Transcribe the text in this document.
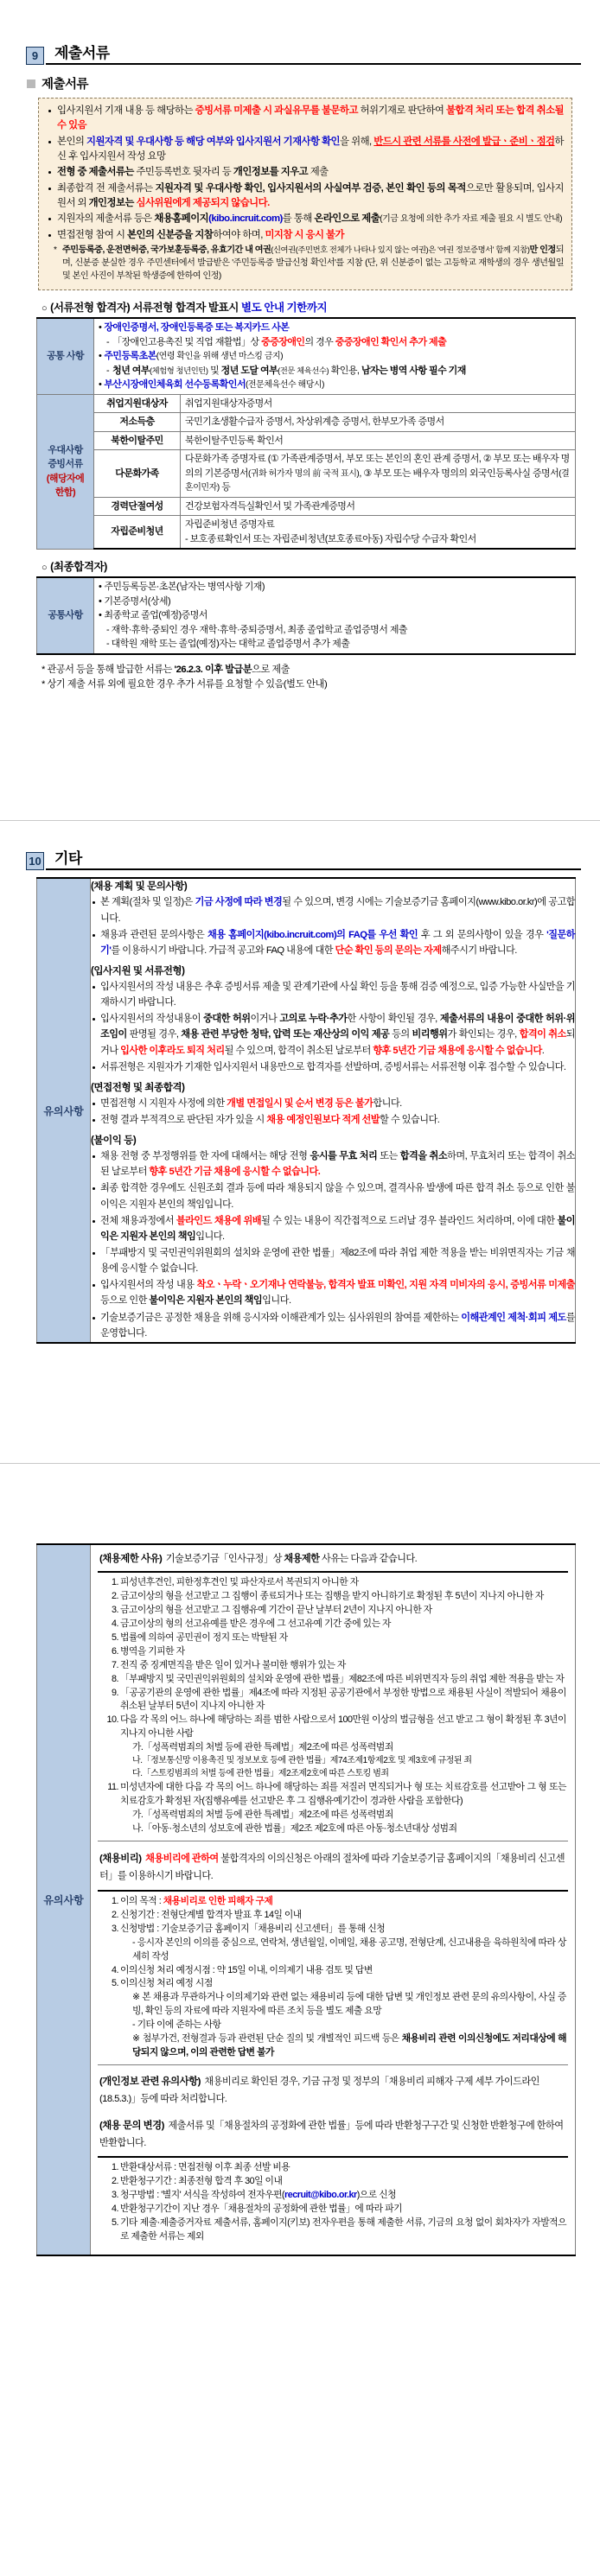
9	제출서류
제출서류
입사지원서 기재 내용 등 해당하는 증빙서류 미제출 시 과실유무를 불문하고 허위기재로 판단하여 불합격 처리 또는 합격 취소될 수 있음
본인의 지원자격 및 우대사항 등 해당 여부와 입사지원서 기재사항 확인을 위해, 반드시 관련 서류를 사전에 발급ㆍ준비ㆍ점검하신 후 입사지원서 작성 요망
전형 중 제출서류는 주민등록번호 뒷자리 등 개인정보를 지우고 제출
최종합격 전 제출서류는 지원자격 및 우대사항 확인, 입사지원서의 사실여부 검증, 본인 확인 등의 목적으로만 활용되며, 입사지원서 외 개인정보는 심사위원에게 제공되지 않습니다.
지원자의 제출서류 등은 채용홈페이지(kibo.incruit.com)를 통해 온라인으로 제출(기금 요청에 의한 추가 자료 제출 필요 시 별도 안내)
면접전형 참여 시 본인의 신분증을 지참하여야 하며, 미지참 시 응시 불가
* 주민등록증, 운전면허증, 국가보훈등록증, 유효기간 내 여권(신여권(주민번호 전체가 나타나 있지 않는 여권)은 '여권 정보증명서' 함께 지참)만 인정되며, 신분증 분실한 경우 주민센터에서 발급받은 '주민등록증 발급신청 확인서'를 지참 (단, 위 신분증이 없는 고등학교 재학생의 경우 생년월일 및 본인 사진이 부착된 학생증에 한하여 인정)
○ (서류전형 합격자) 서류전형 합격자 발표시 별도 안내 기한까지
공통 사항	• 장애인증명서, 장애인등록증 또는 복지카드 사본
- 「장애인고용촉진 및 직업 재활법」상 중증장애인의 경우 중증장애인 확인서 추가 제출
• 주민등록초본(연령 확인을 위해 생년 마스킹 금지)
- 청년 여부(체험형 청년인턴) 및 정년 도달 여부(전문 체육선수) 확인용, 남자는 병역 사항 필수 기재
• 부산시장애인체육회 선수등록확인서(전문체육선수 해당시)

우대사항
증빙서류
(해당자에
한함)	취업지원대상자	취업지원대상자증명서
	저소득층	국민기초생활수급자 증명서, 차상위계층 증명서, 한부모가족 증명서
	북한이탈주민	북한이탈주민등록 확인서
	다문화가족	다문화가족 증명자료 (① 가족관계증명서, 부모 또는 본인의 혼인 관계 증명서, ② 부모 또는 배우자 명의의 기본증명서(귀화 허가자 명의 前 국적 표시), ③ 부모 또는 배우자 명의의 외국인등록사실 증명서(결혼이민자) 등
	경력단절여성	건강보험자격득실확인서 및 가족관계증명서
	자립준비청년	자립준비청년 증명자료
- 보호종료확인서 또는 자립준비청년(보호종료아동) 자립수당 수급자 확인서
○ (최종합격자)
공통사항	
• 주민등록등본·초본(남자는 병역사항 기재)
• 기본증명서(상세)
• 최종학교 졸업(예정)증명서
- 재학·휴학·중퇴인 경우 재학·휴학·중퇴증명서, 최종 졸업학교 졸업증명서 제출
- 대학원 재학 또는 졸업(예정)자는 대학교 졸업증명서 추가 제출
* 관공서 등을 통해 발급한 서류는 '26.2.3. 이후 발급분으로 제출
* 상기 제출 서류 외에 필요한 경우 추가 서류를 요청할 수 있음(별도 안내)
10 기타
유의사항	
(채용 계획 및 문의사항)
본 계획(절차 및 일정)은 기금 사정에 따라 변경될 수 있으며, 변경 시에는 기술보증기금 홈페이지(www.kibo.or.kr)에 공고합니다.
채용과 관련된 문의사항은 채용 홈페이지(kibo.incruit.com)의 FAQ를 우선 확인 후 그 외 문의사항이 있을 경우 '질문하기'를 이용하시기 바랍니다. 가급적 공고와 FAQ 내용에 대한 단순 확인 등의 문의는 자제해주시기 바랍니다.
(입사지원 및 서류전형)
입사지원서의 작성 내용은 추후 증빙서류 제출 및 관계기관에 사실 확인 등을 통해 검증 예정으로, 입증 가능한 사실만을 기재하시기 바랍니다.
입사지원서의 작성내용이 중대한 허위이거나 고의로 누락·추가한 사항이 확인될 경우, 제출서류의 내용이 중대한 허위·위조임이 판명될 경우, 채용 관련 부당한 청탁, 압력 또는 재산상의 이익 제공 등의 비리행위가 확인되는 경우, 합격이 취소되거나 입사한 이후라도 퇴직 처리될 수 있으며, 합격이 취소된 날로부터 향후 5년간 기금 채용에 응시할 수 없습니다.
서류전형은 지원자가 기재한 입사지원서 내용만으로 합격자를 선발하며, 증빙서류는 서류전형 이후 접수할 수 있습니다.
(면접전형 및 최종합격)
면접전형 시 지원자 사정에 의한 개별 면접일시 및 순서 변경 등은 불가합니다.
전형 결과 부적격으로 판단된 자가 있을 시 채용 예정인원보다 적게 선발할 수 있습니다.
(불이익 등)
채용 전형 중 부정행위를 한 자에 대해서는 해당 전형 응시를 무효 처리 또는 합격을 취소하며, 무효처리 또는 합격이 취소된 날로부터 향후 5년간 기금 채용에 응시할 수 없습니다.
최종 합격한 경우에도 신원조회 결과 등에 따라 채용되지 않을 수 있으며, 결격사유 발생에 따른 합격 취소 등으로 인한 불이익은 지원자 본인의 책임입니다.
전체 채용과정에서 블라인드 채용에 위배될 수 있는 내용이 직간접적으로 드러날 경우 블라인드 처리하며, 이에 대한 불이익은 지원자 본인의 책임입니다.
「부패방지 및 국민권익위원회의 설치와 운영에 관한 법률」제82조에 따라 취업 제한 적용을 받는 비위면직자는 기금 채용에 응시할 수 없습니다.
입사지원서의 작성 내용 착오ㆍ누락ㆍ오기재나 연락불능, 합격자 발표 미확인, 지원 자격 미비자의 응시, 증빙서류 미제출 등으로 인한 불이익은 지원자 본인의 책임입니다.
기술보증기금은 공정한 채용을 위해 응시자와 이해관계가 있는 심사위원의 참여를 제한하는 이해관계인 제척·회피 제도를 운영합니다.
유의사항	
(채용제한 사유) 기술보증기금「인사규정」상 채용제한 사유는 다음과 같습니다.
1. 피성년후견인, 피한정후견인 및 파산자로서 복권되지 아니한 자
2. 금고이상의 형을 선고받고 그 집행이 종료되거나 또는 집행을 받지 아니하기로 확정된 후 5년이 지나지 아니한 자
3. 금고이상의 형을 선고받고 그 집행유예 기간이 끝난 날부터 2년이 지나지 아니한 자
4. 금고이상의 형의 선고유예를 받은 경우에 그 선고유예 기간 중에 있는 자
5. 법률에 의하여 공민권이 정지 또는 박탈된 자
6. 병역을 기피한 자
7. 전직 중 징계면직을 받은 일이 있거나 불미한 행위가 있는 자
8. 「부패방지 및 국민권익위원회의 설치와 운영에 관한 법률」제82조에 따른 비위면직자 등의 취업 제한 적용을 받는 자
9. 「공공기관의 운영에 관한 법률」제4조에 따라 지정된 공공기관에서 부정한 방법으로 채용된 사실이 적발되어 채용이 취소된 날부터 5년이 지나지 아니한 자
10. 다음 각 목의 어느 하나에 해당하는 죄를 범한 사람으로서 100만원 이상의 벌금형을 선고 받고 그 형이 확정된 후 3년이 지나지 아니한 사람
가.「성폭력범죄의 처벌 등에 관한 특례법」제2조에 따른 성폭력범죄
나.「정보통신망 이용촉진 및 정보보호 등에 관한 법률」제74조제1항제2호 및 제3호에 규정된 죄
다.「스토킹범죄의 처벌 등에 관한 법률」제2조제2호에 따른 스토킹 범죄
11. 미성년자에 대한 다음 각 목의 어느 하나에 해당하는 죄를 저질러 면직되거나 형 또는 치료감호를 선고받아 그 형 또는 치료감호가 확정된 자(집행유예를 선고받은 후 그 집행유예기간이 경과한 사람을 포함한다)
가.「성폭력범죄의 처벌 등에 관한 특례법」제2조에 따른 성폭력범죄
나.「아동·청소년의 성보호에 관한 법률」제2조 제2호에 따른 아동·청소년대상 성범죄
(채용비리) 채용비리에 관하여 불합격자의 이의신청은 아래의 절차에 따라 기술보증기금 홈페이지의「채용비리 신고센터」를 이용하시기 바랍니다.
1. 이의 목적 : 채용비리로 인한 피해자 구제
2. 신청기간 : 전형단계별 합격자 발표 후 14일 이내
3. 신청방법 : 기술보증기금 홈페이지「채용비리 신고센터」를 통해 신청
- 응시자 본인의 이의를 중심으로, 연락처, 생년월일, 이메일, 채용 공고명, 전형단계, 신고내용을 육하원칙에 따라 상세히 작성
4. 이의신청 처리 예정시점 : 약 15일 이내, 이의제기 내용 검토 및 답변
5. 이의신청 처리 예정 시점
※ 본 채용과 무관하거나 이의제기와 관련 없는 채용비리 등에 대한 답변 및 개인정보 관련 문의 유의사항이, 사실 증빙, 확인 등의 자료에 따라 지원자에 따른 조치 등을 별도 제출 요망
- 기타 이에 준하는 사항
※ 첨부가건, 전형결과 등과 관련된 단순 질의 및 개별적인 피드백 등은 채용비리 관련 이의신청에도 저리대상에 해당되지 않으며, 이의 관련한 답변 불가
(개인정보 관련 유의사항) 채용비리로 확인된 경우, 기금 규정 및 정부의「채용비리 피해자 구제 세부 가이드라인(18.5.3.)」등에 따라 처리합니다.
(채용 문의 변경) 제출서류 및「채용절차의 공정화에 관한 법률」등에 따라 반환청구구간 및 신청한 반환청구에 한하여 반환합니다.
1. 반환대상서류 : 면접전형 이후 최종 선발 비용
2. 반환청구기간 : 최종전형 합격 후 30일 이내
3. 청구방법 : '별지' 서식을 작성하여 전자우편(recruit@kibo.or.kr)으로 신청
4. 반환청구기간이 지난 경우「채용절차의 공정화에 관한 법률」에 따라 파기
5. 기타 제출·제출증거자료 제출서류, 홈페이지(키보) 전자우편을 통해 제출한 서류, 기금의 요청 없이 회차자가 자발적으로 제출한 서류는 제외
